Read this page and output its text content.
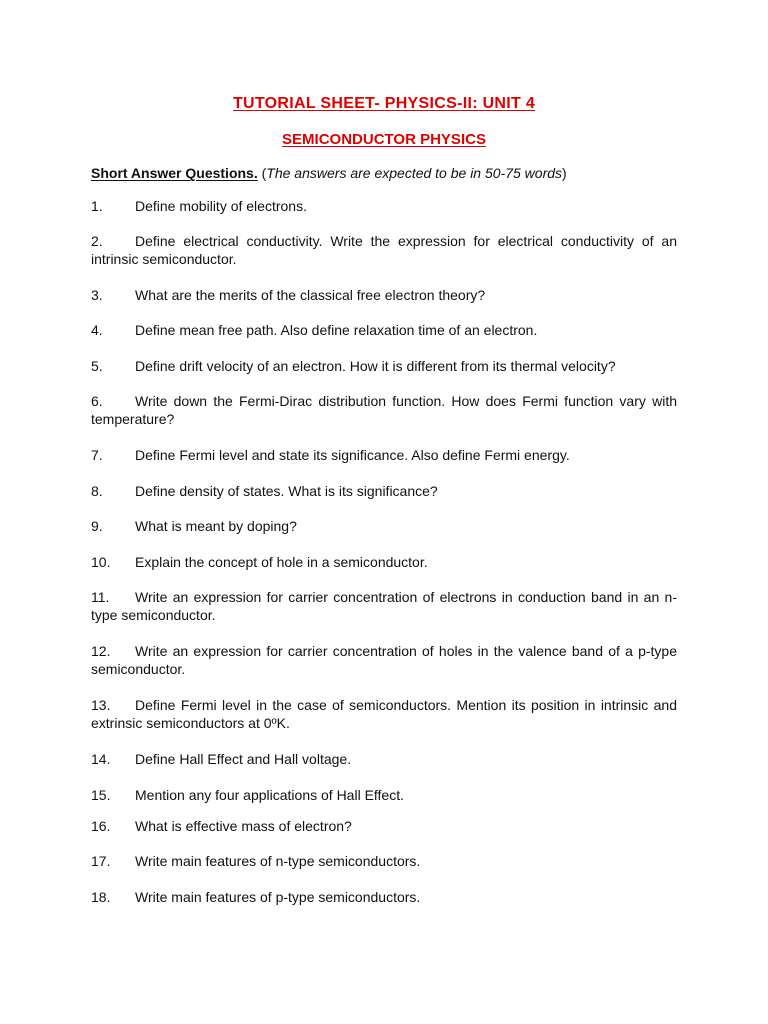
TUTORIAL SHEET- PHYSICS-II: UNIT 4
SEMICONDUCTOR PHYSICS

Short Answer Questions. (The answers are expected to be in 50-75 words)

1. Define mobility of electrons.

2. Define electrical conductivity. Write the expression for electrical conductivity of an intrinsic semiconductor.

3. What are the merits of the classical free electron theory?

4. Define mean free path. Also define relaxation time of an electron.

5. Define drift velocity of an electron. How it is different from its thermal velocity?

6. Write down the Fermi-Dirac distribution function. How does Fermi function vary with temperature?

7. Define Fermi level and state its significance. Also define Fermi energy.

8. Define density of states. What is its significance?

9. What is meant by doping?

10. Explain the concept of hole in a semiconductor.

11. Write an expression for carrier concentration of electrons in conduction band in an n-type semiconductor.

12. Write an expression for carrier concentration of holes in the valence band of a p-type semiconductor.

13. Define Fermi level in the case of semiconductors. Mention its position in intrinsic and extrinsic semiconductors at 0ºK.

14. Define Hall Effect and Hall voltage.

15. Mention any four applications of Hall Effect.

16. What is effective mass of electron?

17. Write main features of n-type semiconductors.

18. Write main features of p-type semiconductors.
